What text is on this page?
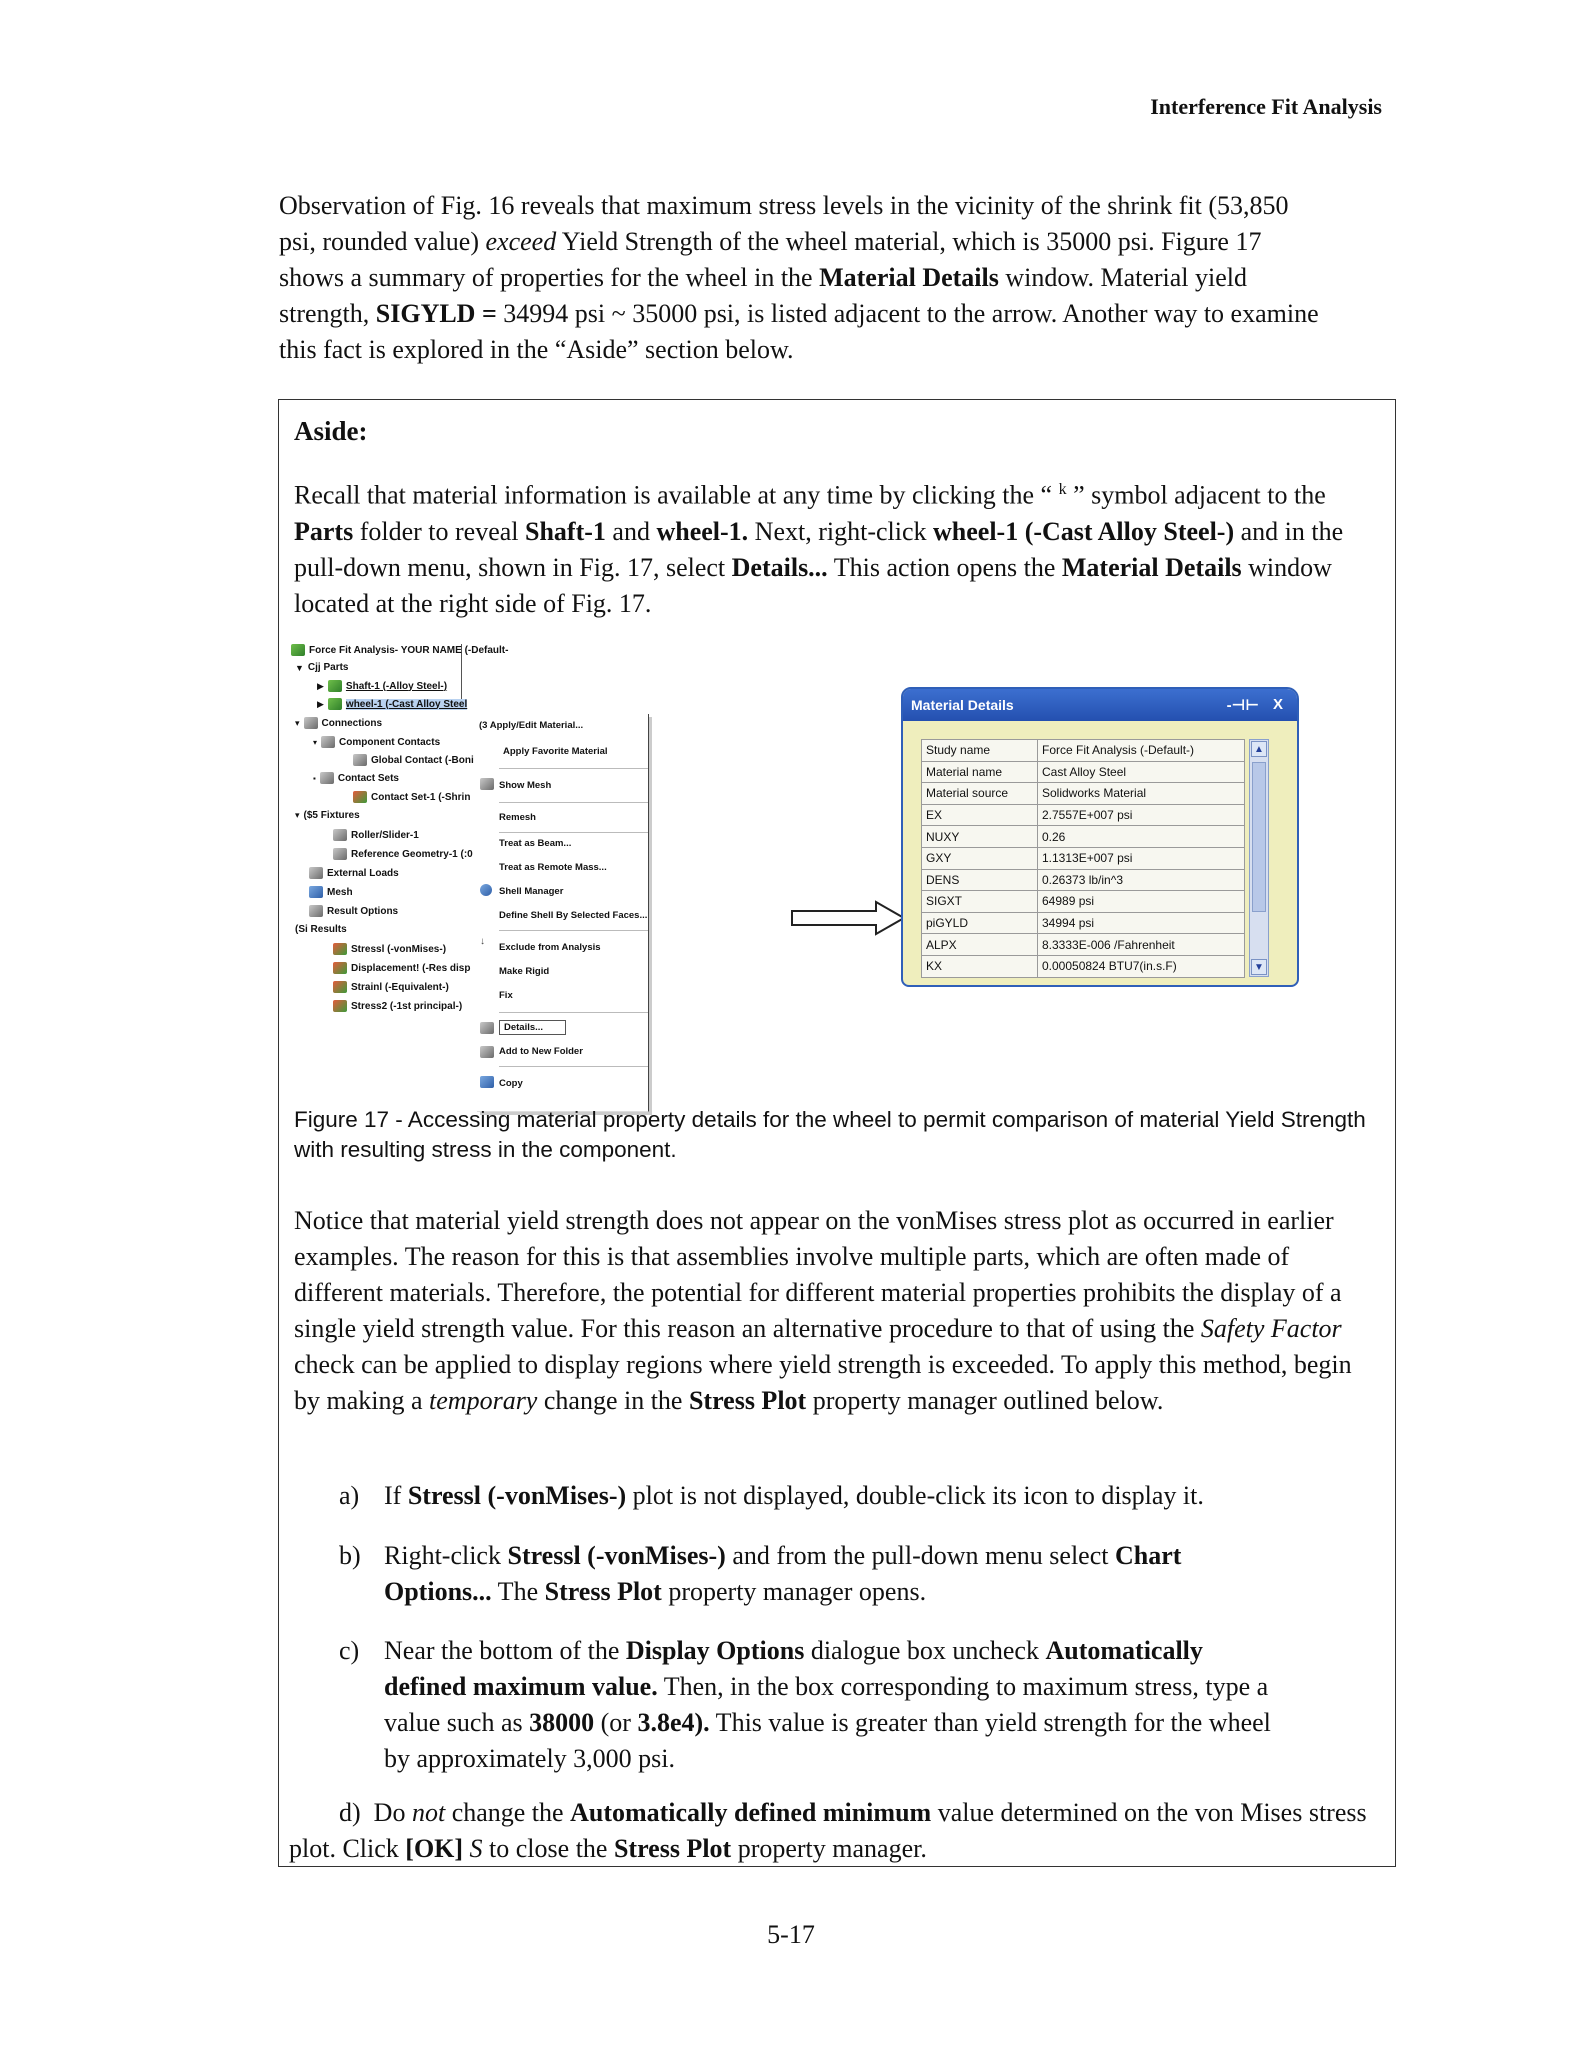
Interference Fit Analysis
Observation of Fig. 16 reveals that maximum stress levels in the vicinity of the shrink fit (53,850 psi, rounded value) exceed Yield Strength of the wheel material, which is 35000 psi. Figure 17 shows a summary of properties for the wheel in the Material Details window. Material yield strength, SIGYLD = 34994 psi ~ 35000 psi, is listed adjacent to the arrow. Another way to examine this fact is explored in the “Aside” section below.
Aside:
Recall that material information is available at any time by clicking the “ $^k$ ” symbol adjacent to the Parts folder to reveal Shaft-1 and wheel-1. Next, right-click wheel-1 (-Cast Alloy Steel-) and in the pull-down menu, shown in Fig. 17, select Details... This action opens the Material Details window located at the right side of Fig. 17.
Force Fit Analysis- YOUR NAME (-Default-
▼ Cjj Parts
▶ Shaft-1 (-Alloy Steel-)
▶ wheel-1 (-Cast Alloy Steel
▾ Connections
▾ Component Contacts
Global Contact (-Boni
▪ Contact Sets
Contact Set-1 (-Shrin
▾ ($5 Fixtures
Roller/Slider-1
Reference Geometry-1 (:0
External Loads
Mesh
Result Options
(Si Results
Stressl (-vonMises-)
Displacement! (-Res disp
Strainl (-Equivalent-)
Stress2 (-1st principal-)
(3 Apply/Edit Material...
Apply Favorite Material
Show Mesh
Remesh
Treat as Beam...
Treat as Remote Mass...
Shell Manager
Define Shell By Selected Faces...
↓
Exclude from Analysis
Make Rigid
Fix
Details...
Add to New Folder
Copy
Material Details	-⊣⊢ X
Study name	Force Fit Analysis (-Default-)
Material name	Cast Alloy Steel
Material source	Solidworks Material
EX	2.7557E+007 psi
NUXY	0.26
GXY	1.1313E+007 psi
DENS	0.26373 lb/in^3
SIGXT	64989 psi
piGYLD	34994 psi
ALPX	8.3333E-006 /Fahrenheit
KX	0.00050824 BTU7(in.s.F)
▲
▼
Figure 17 - Accessing material property details for the wheel to permit comparison of material Yield Strength with resulting stress in the component.
Notice that material yield strength does not appear on the vonMises stress plot as occurred in earlier examples. The reason for this is that assemblies involve multiple parts, which are often made of different materials. Therefore, the potential for different material properties prohibits the display of a single yield strength value. For this reason an alternative procedure to that of using the Safety Factor check can be applied to display regions where yield strength is exceeded. To apply this method, begin by making a temporary change in the Stress Plot property manager outlined below.
a) If Stressl (-vonMises-) plot is not displayed, double-click its icon to display it.
b) Right-click Stressl (-vonMises-) and from the pull-down menu select Chart Options... The Stress Plot property manager opens.
c) Near the bottom of the Display Options dialogue box uncheck Automatically defined maximum value. Then, in the box corresponding to maximum stress, type a value such as 38000 (or 3.8e4). This value is greater than yield strength for the wheel by approximately 3,000 psi.
d) Do not change the Automatically defined minimum value determined on the von Mises stress plot. Click [OK] S to close the Stress Plot property manager.
5-17
